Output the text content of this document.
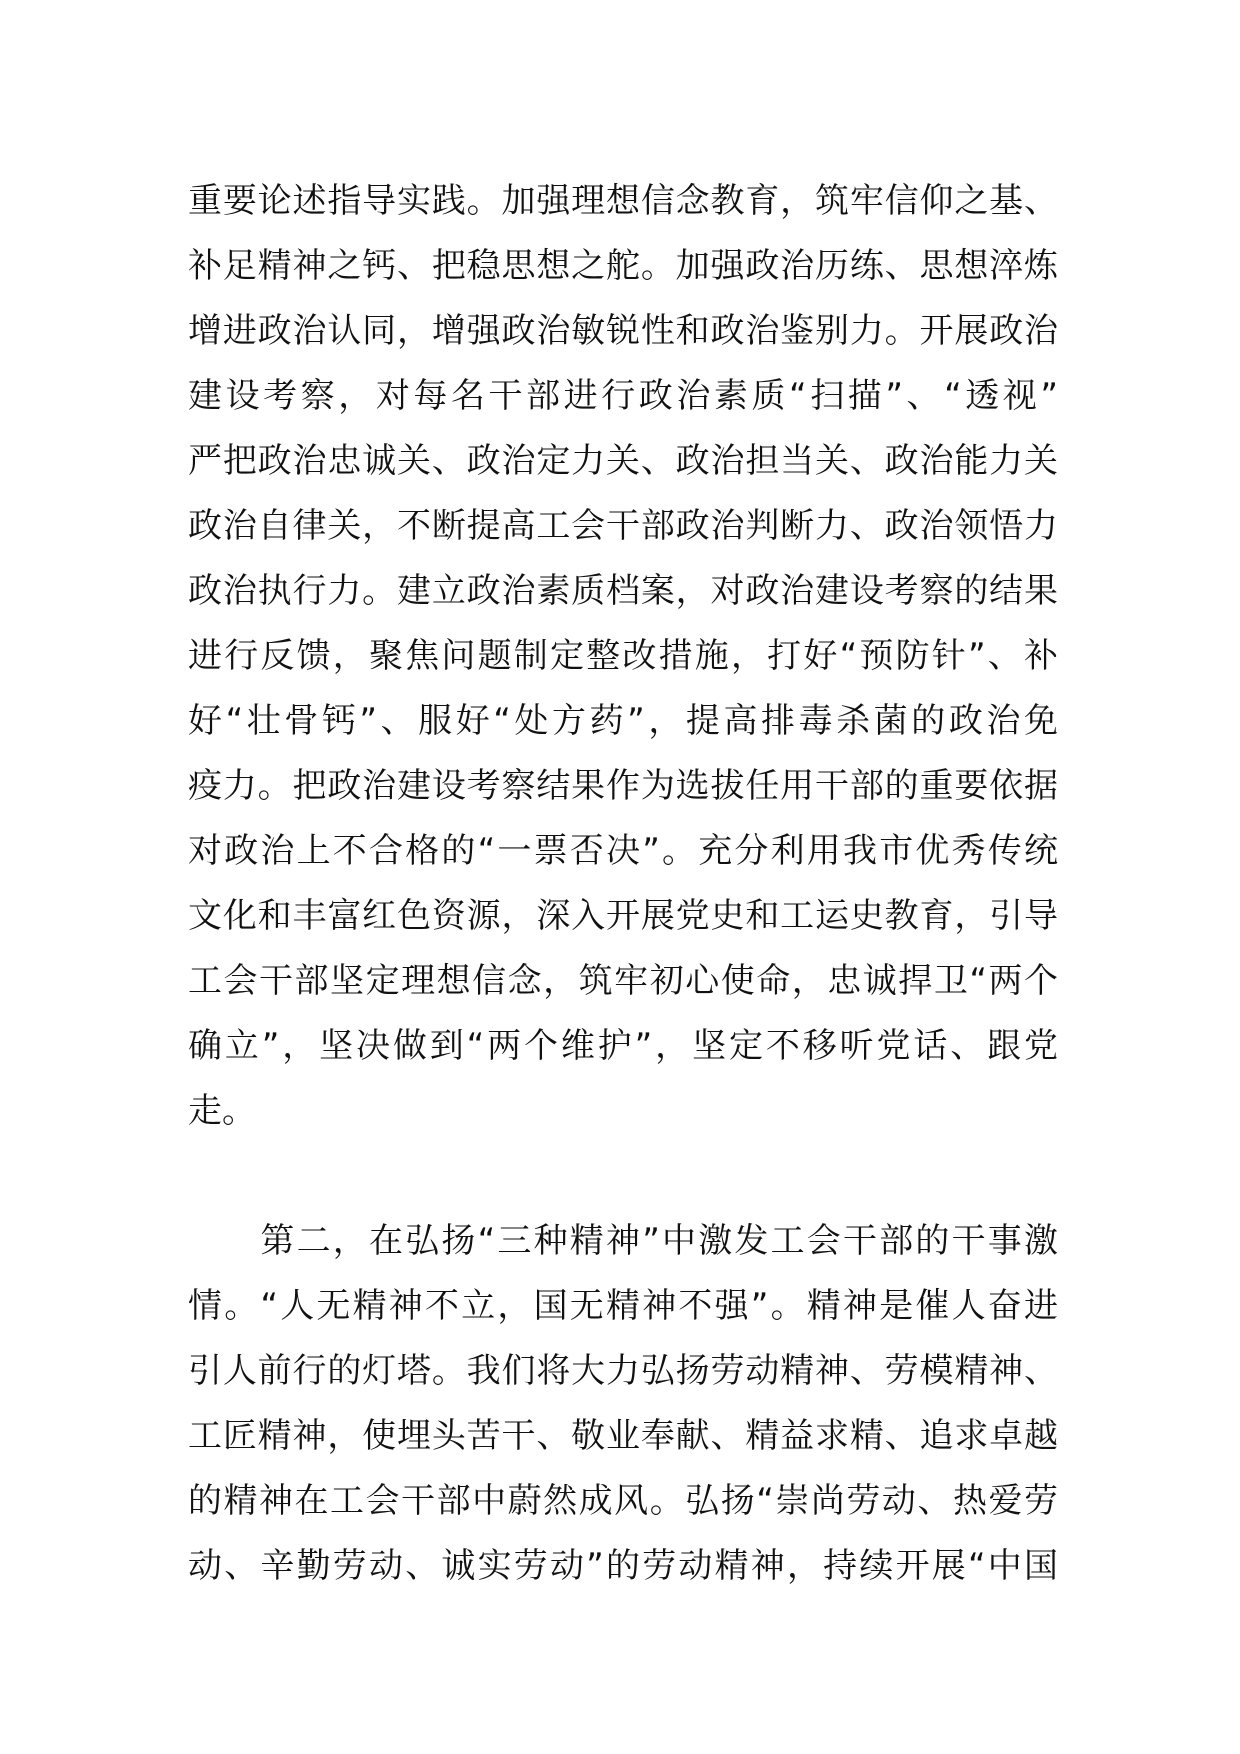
重要论述指导实践。加强理想信念教育，筑牢信仰之基、
补足精神之钙、把稳思想之舵。加强政治历练、思想淬炼
增进政治认同，增强政治敏锐性和政治鉴别力。开展政治
建设考察，对每名干部进行政治素质“扫描”、“透视”
严把政治忠诚关、政治定力关、政治担当关、政治能力关
政治自律关，不断提高工会干部政治判断力、政治领悟力
政治执行力。建立政治素质档案，对政治建设考察的结果
进行反馈，聚焦问题制定整改措施，打好“预防针”、补
好“壮骨钙”、服好“处方药”，提高排毒杀菌的政治免
疫力。把政治建设考察结果作为选拔任用干部的重要依据
对政治上不合格的“一票否决”。充分利用我市优秀传统
文化和丰富红色资源，深入开展党史和工运史教育，引导
工会干部坚定理想信念，筑牢初心使命，忠诚捍卫“两个
确立”，坚决做到“两个维护”，坚定不移听党话、跟党
走。
　　第二，在弘扬“三种精神”中激发工会干部的干事激
情。“人无精神不立，国无精神不强”。精神是催人奋进
引人前行的灯塔。我们将大力弘扬劳动精神、劳模精神、
工匠精神，使埋头苦干、敬业奉献、精益求精、追求卓越
的精神在工会干部中蔚然成风。弘扬“崇尚劳动、热爱劳
动、辛勤劳动、诚实劳动”的劳动精神，持续开展“中国
